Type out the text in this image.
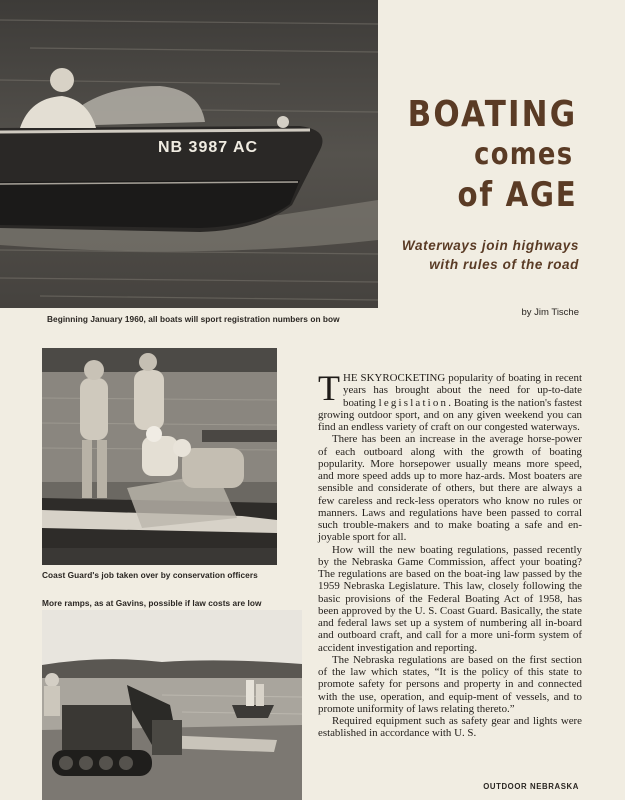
NB 3987 AC
Beginning January 1960, all boats will sport registration numbers on bow
BOATING
comes
of AGE
Waterways join highways
with rules of the road
by Jim Tische
Coast Guard's job taken over by conservation officers
More ramps, as at Gavins, possible if law costs are low

THE SKYROCKETING popularity of boating in recent years has brought about the need for up-to-date boating legislation. Boating is the nation's fastest growing outdoor sport, and on any given weekend you can find an endless variety of craft on our congested waterways.

There has been an increase in the average horse-power of each outboard along with the growth of boating popularity. More horsepower usually means more speed, and more speed adds up to more haz-ards. Most boaters are sensible and considerate of others, but there are always a few careless and reck-less operators who know no rules or manners. Laws and regulations have been passed to corral such trouble-makers and to make boating a safe and en-joyable sport for all.

How will the new boating regulations, passed recently by the Nebraska Game Commission, affect your boating? The regulations are based on the boat-ing law passed by the 1959 Nebraska Legislature. This law, closely following the basic provisions of the Federal Boating Act of 1958, has been approved by the U. S. Coast Guard. Basically, the state and federal laws set up a system of numbering all in-board and outboard craft, and call for a more uni-form system of accident investigation and reporting.

The Nebraska regulations are based on the first section of the law which states, “It is the policy of this state to promote safety for persons and property in and connected with the use, operation, and equip-ment of vessels, and to promote uniformity of laws relating thereto.”

Required equipment such as safety gear and lights were established in accordance with U. S.

OUTDOOR NEBRASKA
